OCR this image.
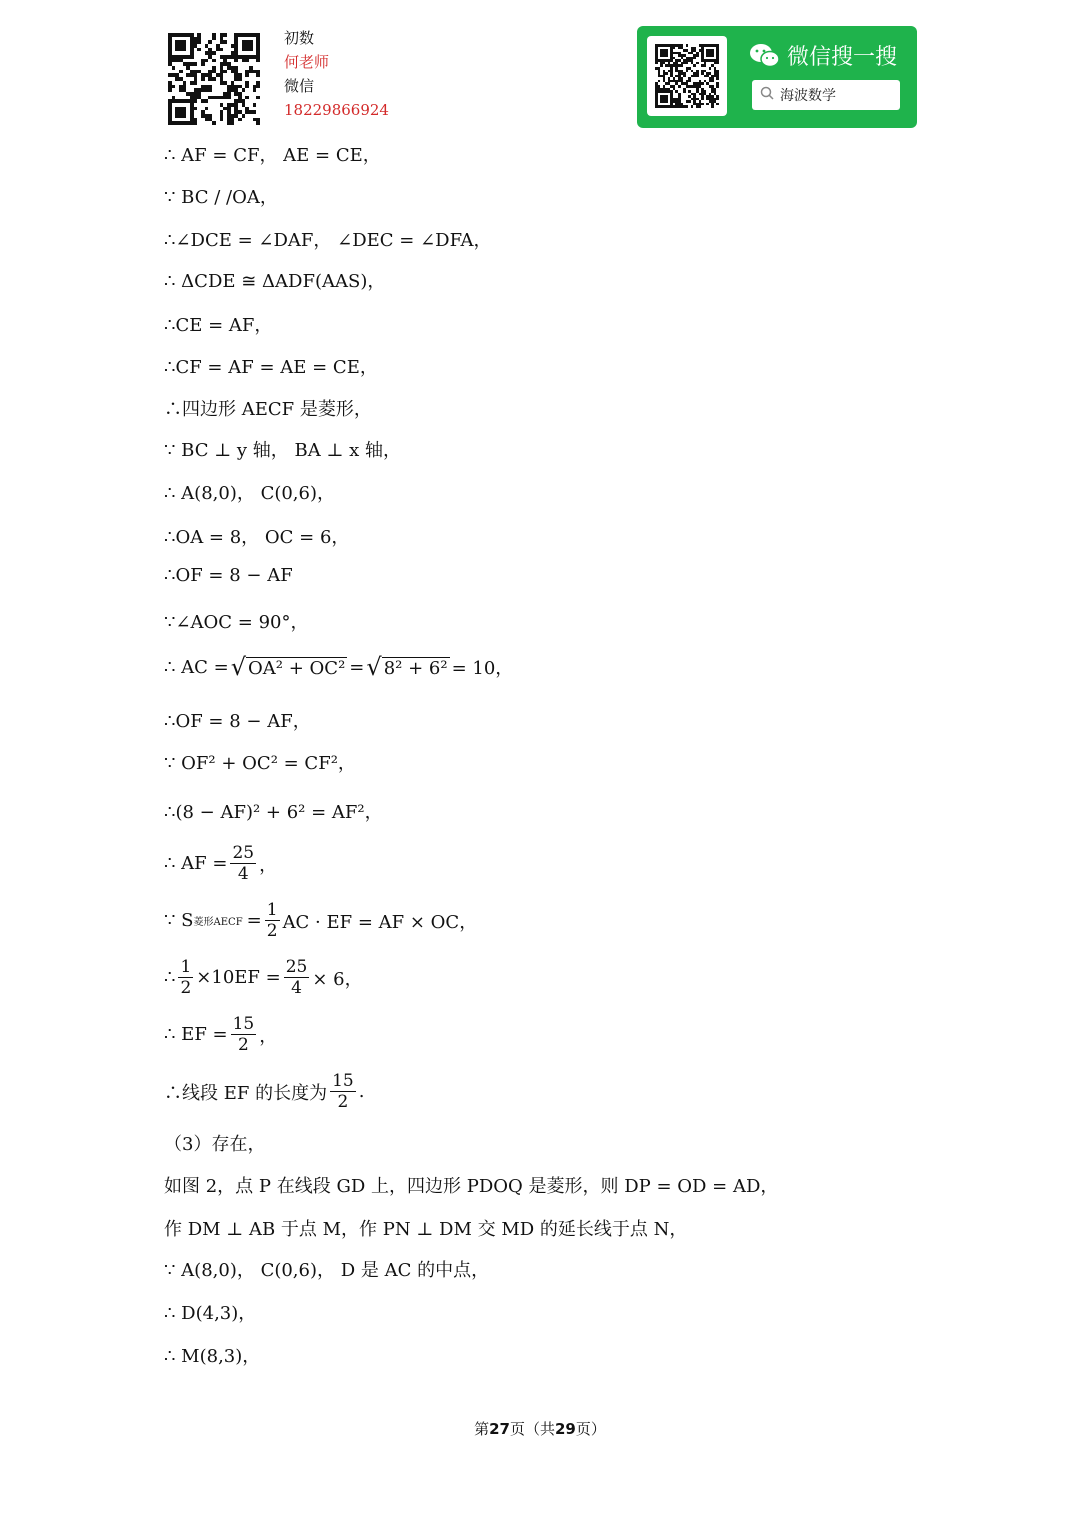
初数
何老师
微信
18229866924
微信搜一搜
海波数学
∴ AF = CF， AE = CE，
∵ BC / /OA，
∴∠DCE = ∠DAF， ∠DEC = ∠DFA，
∴ ΔCDE ≅ ΔADF(AAS)，
∴CE = AF，
∴CF = AF = AE = CE，
∴四边形 AECF 是菱形，
∵ BC ⊥ y 轴， BA ⊥ x 轴，
∴ A(8,0)， C(0,6)，
∴OA = 8， OC = 6，
∴OF = 8 − AF
∵∠AOC = 90°，
∴ AC = √ OA² + OC² = √ 8² + 6² = 10，
∴OF = 8 − AF，
∵ OF² + OC² = CF²，
∴(8 − AF)² + 6² = AF²，
∴ AF = $\frac{25}{4}$ ，
∵ S 菱形AECF = $\frac{1}{2}$ AC · EF = AF × OC，
∴ $\frac{1}{2} \times 10EF = \frac{25}{4} \times 6$，
∴ EF = $\frac{15}{2}$ ，
∴线段 EF 的长度为 $\frac{15}{2}$ .
（3）存在，
如图 2，点 P 在线段 GD 上，四边形 PDOQ 是菱形，则 DP = OD = AD，
作 DM ⊥ AB 于点 M，作 PN ⊥ DM 交 MD 的延长线于点 N，
∵ A(8,0)， C(0,6)， D 是 AC 的中点，
∴ D(4,3)，
∴ M(8,3)，
第27页（共29页）
